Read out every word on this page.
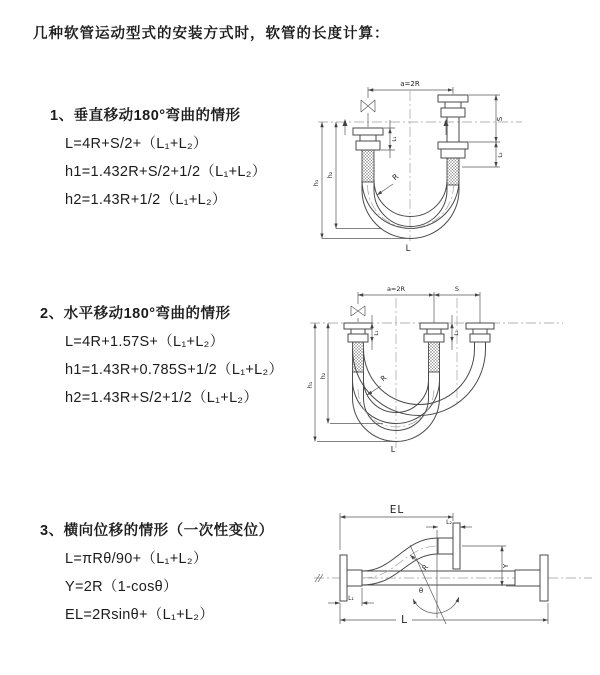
几种软管运动型式的安装方式时，软管的长度计算：
1、垂直移动180°弯曲的情形

L=4R+S/2+（L₁+L₂）

h1=1.432R+S/2+1/2（L₁+L₂）

h2=1.43R+1/2（L₁+L₂）

2、水平移动180°弯曲的情形

L=4R+1.57S+（L₁+L₂）

h1=1.43R+0.785S+1/2（L₁+L₂）

h2=1.43R+S/2+1/2（L₁+L₂）

3、横向位移的情形（一次性变位）

L=πRθ/90+（L₁+L₂）

Y=2R（1-cosθ）

EL=2Rsinθ+（L₁+L₂）

a=2R
h₁
h₂
L₁
S
L₂
R
L
a=2R	S
h₁
h₂
L₁	L₂
R
L
θ
R
EL
L₂
Y
L₁
L
